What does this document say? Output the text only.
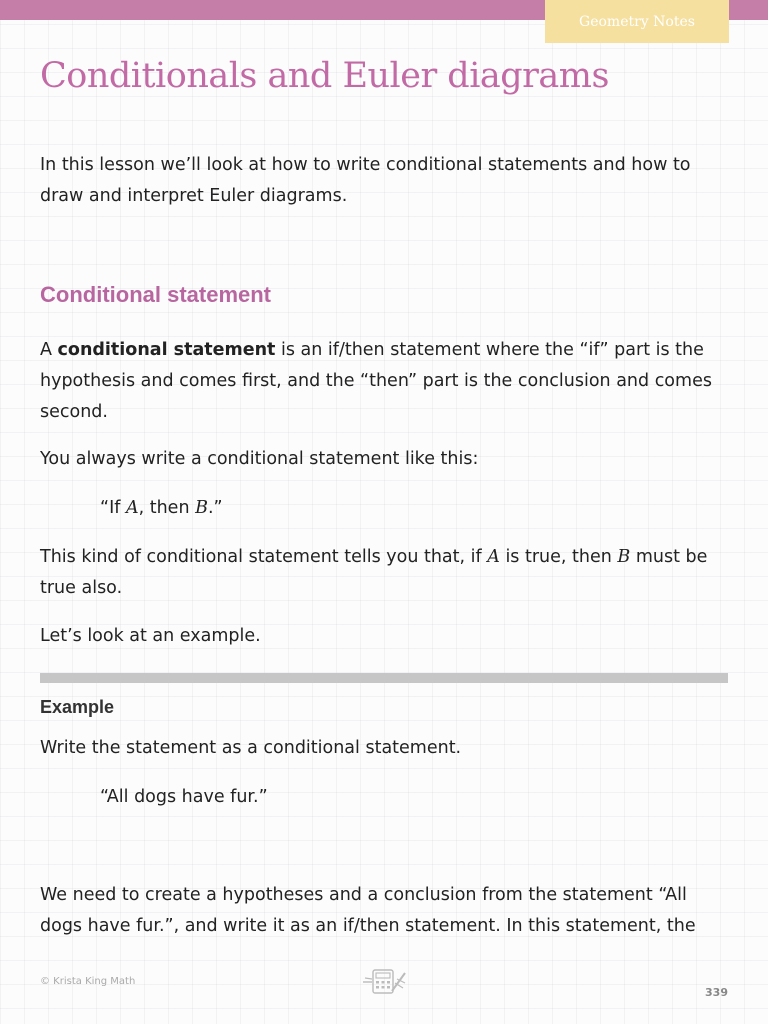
Geometry Notes
Conditionals and Euler diagrams

In this lesson we’ll look at how to write conditional statements and how to draw and interpret Euler diagrams.

Conditional statement

A conditional statement is an if/then statement where the “if” part is the hypothesis and comes first, and the “then” part is the conclusion and comes second.

You always write a conditional statement like this:

“If A, then B.”

This kind of conditional statement tells you that, if A is true, then B must be true also.

Let’s look at an example.

Example

Write the statement as a conditional statement.

“All dogs have fur.”

We need to create a hypotheses and a conclusion from the statement “All dogs have fur.”, and write it as an if/then statement. In this statement, the

© Krista King Math
339
